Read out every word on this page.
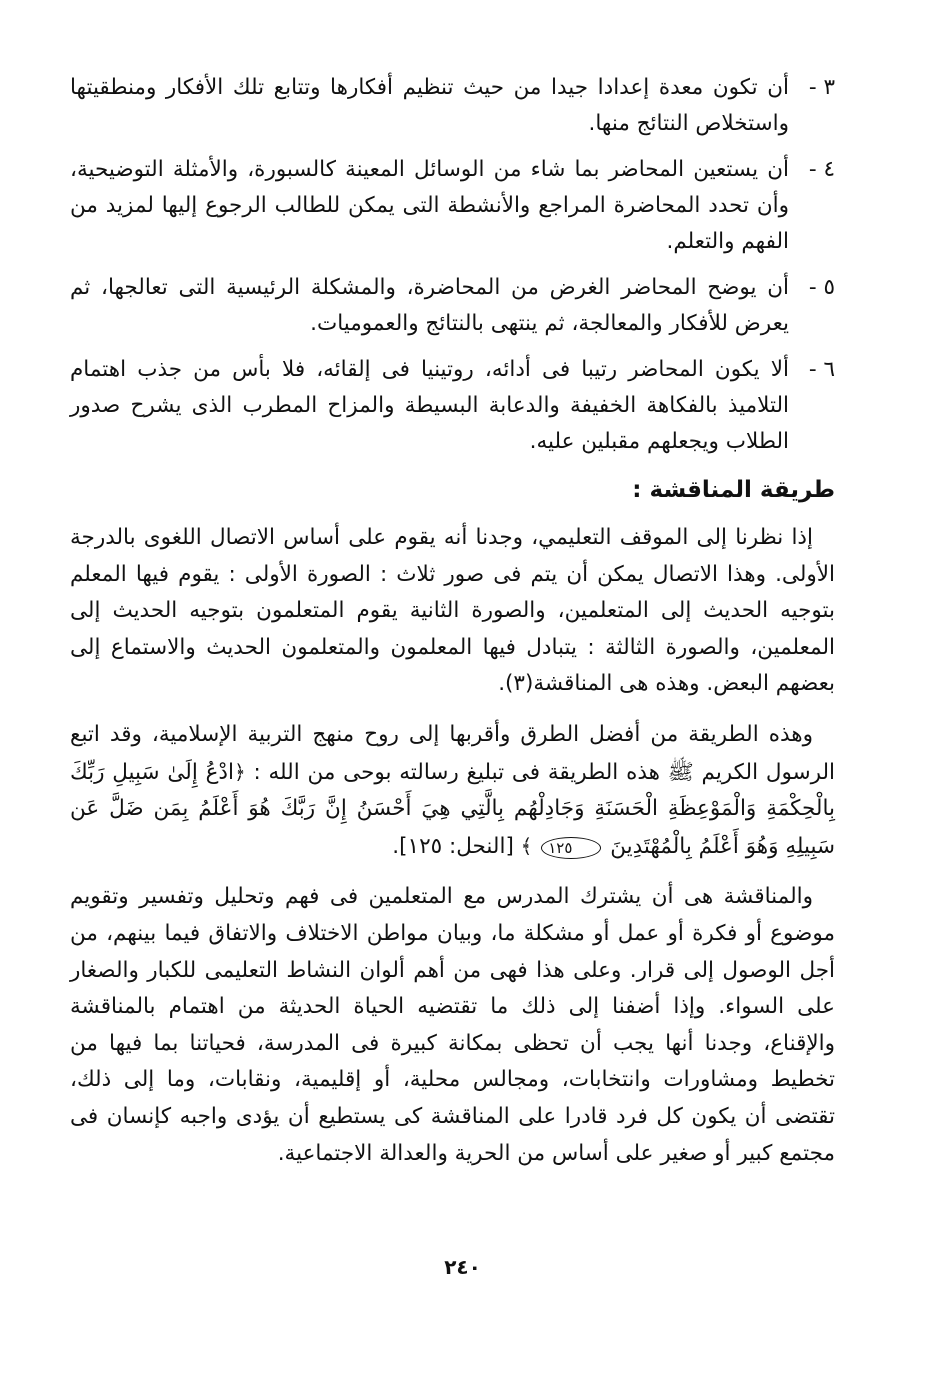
٣ -
أن تكون معدة إعدادا جيدا من حيث تنظيم أفكارها وتتابع تلك الأفكار ومنطقيتها واستخلاص النتائج منها.
٤ -
أن يستعين المحاضر بما شاء من الوسائل المعينة كالسبورة، والأمثلة التوضيحية، وأن تحدد المحاضرة المراجع والأنشطة التى يمكن للطالب الرجوع إليها لمزيد من الفهم والتعلم.
٥ -
أن يوضح المحاضر الغرض من المحاضرة، والمشكلة الرئيسية التى تعالجها، ثم يعرض للأفكار والمعالجة، ثم ينتهى بالنتائج والعموميات.
٦ -
ألا يكون المحاضر رتيبا فى أدائه، روتينيا فى إلقائه، فلا بأس من جذب اهتمام التلاميذ بالفكاهة الخفيفة والدعابة البسيطة والمزاح المطرب الذى يشرح صدور الطلاب ويجعلهم مقبلين عليه.
طريقة المناقشة :

إذا نظرنا إلى الموقف التعليمي، وجدنا أنه يقوم على أساس الاتصال اللغوى بالدرجة الأولى. وهذا الاتصال يمكن أن يتم فى صور ثلاث : الصورة الأولى : يقوم فيها المعلم بتوجيه الحديث إلى المتعلمين، والصورة الثانية يقوم المتعلمون بتوجيه الحديث إلى المعلمين، والصورة الثالثة : يتبادل فيها المعلمون والمتعلمون الحديث والاستماع إلى بعضهم البعض. وهذه هى المناقشة(٣).

وهذه الطريقة من أفضل الطرق وأقربها إلى روح منهج التربية الإسلامية، وقد اتبع الرسول الكريم ﷺ هذه الطريقة فى تبليغ رسالته بوحى من الله : ﴿ادْعُ إِلَىٰ سَبِيلِ رَبِّكَ بِالْحِكْمَةِ وَالْمَوْعِظَةِ الْحَسَنَةِ وَجَادِلْهُم بِالَّتِي هِيَ أَحْسَنُ إِنَّ رَبَّكَ هُوَ أَعْلَمُ بِمَن ضَلَّ عَن سَبِيلِهِ وَهُوَ أَعْلَمُ بِالْمُهْتَدِينَ ١٢٥ ﴾ [النحل: ١٢٥].

والمناقشة هى أن يشترك المدرس مع المتعلمين فى فهم وتحليل وتفسير وتقويم موضوع أو فكرة أو عمل أو مشكلة ما، وبيان مواطن الاختلاف والاتفاق فيما بينهم، من أجل الوصول إلى قرار. وعلى هذا فهى من أهم ألوان النشاط التعليمى للكبار والصغار على السواء. وإذا أضفنا إلى ذلك ما تقتضيه الحياة الحديثة من اهتمام بالمناقشة والإقناع، وجدنا أنها يجب أن تحظى بمكانة كبيرة فى المدرسة، فحياتنا بما فيها من تخطيط ومشاورات وانتخابات، ومجالس محلية، أو إقليمية، ونقابات، وما إلى ذلك، تقتضى أن يكون كل فرد قادرا على المناقشة كى يستطيع أن يؤدى واجبه كإنسان فى مجتمع كبير أو صغير على أساس من الحرية والعدالة الاجتماعية.

٢٤٠
